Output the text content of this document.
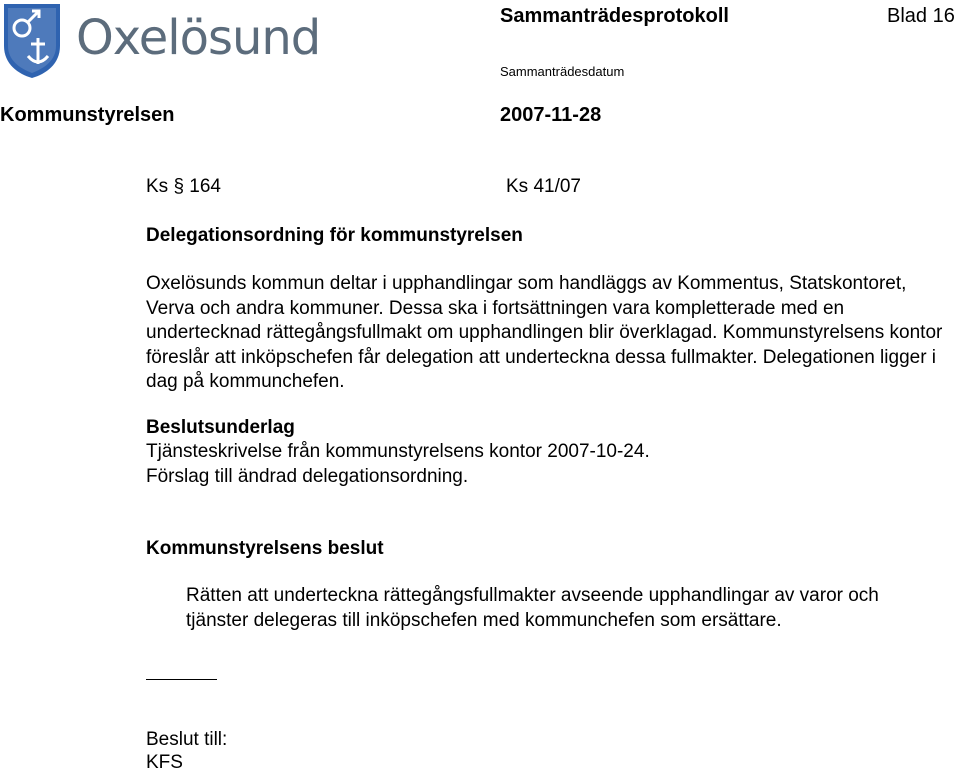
Oxelösund	Sammanträdesprotokoll	Blad 16
Sammanträdesdatum
Kommunstyrelsen	2007-11-28
Ks § 164	Ks 41/07
Delegationsordning för kommunstyrelsen
Oxelösunds kommun deltar i upphandlingar som handläggs av Kommentus, Statskontoret, Verva och andra kommuner. Dessa ska i fortsättningen vara kompletterade med en undertecknad rättegångsfullmakt om upphandlingen blir överklagad. Kommunstyrelsens kontor föreslår att inköpschefen får delegation att underteckna dessa fullmakter. Delegationen ligger i dag på kommunchefen.
Beslutsunderlag
Tjänsteskrivelse från kommunstyrelsens kontor 2007-10-24.
Förslag till ändrad delegationsordning.
Kommunstyrelsens beslut
Rätten att underteckna rättegångsfullmakter avseende upphandlingar av varor och tjänster delegeras till inköpschefen med kommunchefen som ersättare.
Beslut till:
KFS
